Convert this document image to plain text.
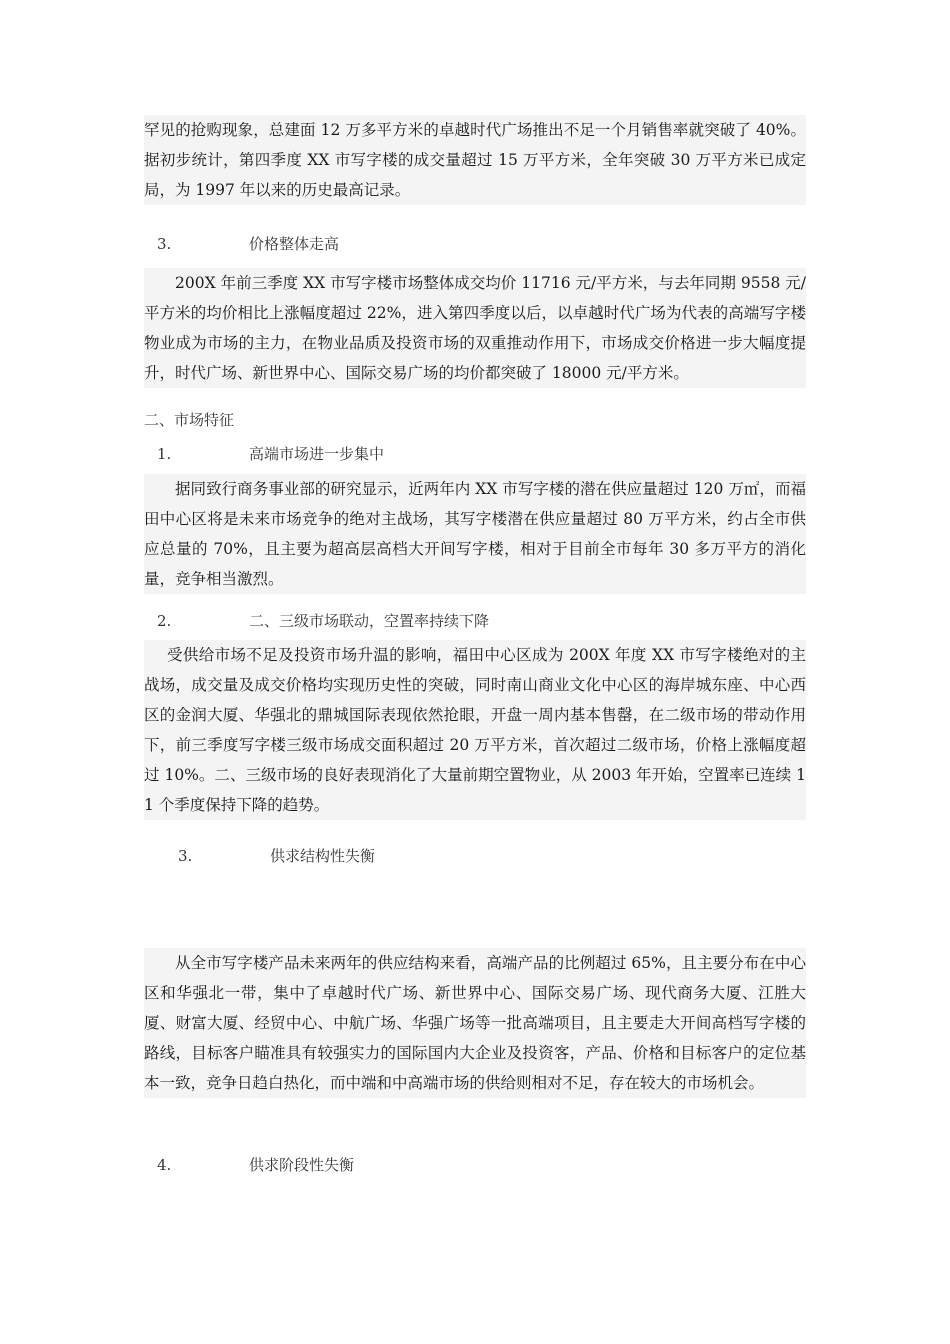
罕见的抢购现象，总建面 12 万多平方米的卓越时代广场推出不足一个月销售率就突破了 40%。据初步统计，第四季度 XX 市写字楼的成交量超过 15 万平方米，全年突破 30 万平方米已成定局，为 1997 年以来的历史最高记录。

3.	价格整体走高

200X 年前三季度 XX 市写字楼市场整体成交均价 11716 元/平方米，与去年同期 9558 元/平方米的均价相比上涨幅度超过 22%，进入第四季度以后，以卓越时代广场为代表的高端写字楼物业成为市场的主力，在物业品质及投资市场的双重推动作用下，市场成交价格进一步大幅度提升，时代广场、新世界中心、国际交易广场的均价都突破了 18000 元/平方米。

二、市场特征
1.	高端市场进一步集中

据同致行商务事业部的研究显示，近两年内 XX 市写字楼的潜在供应量超过 120 万㎡，而福田中心区将是未来市场竞争的绝对主战场，其写字楼潜在供应量超过 80 万平方米，约占全市供应总量的 70%，且主要为超高层高档大开间写字楼，相对于目前全市每年 30 多万平方的消化量，竞争相当激烈。

2.	二、三级市场联动，空置率持续下降

受供给市场不足及投资市场升温的影响，福田中心区成为 200X 年度 XX 市写字楼绝对的主战场，成交量及成交价格均实现历史性的突破，同时南山商业文化中心区的海岸城东座、中心西区的金润大厦、华强北的鼎城国际表现依然抢眼，开盘一周内基本售罄，在二级市场的带动作用下，前三季度写字楼三级市场成交面积超过 20 万平方米，首次超过二级市场，价格上涨幅度超过 10%。二、三级市场的良好表现消化了大量前期空置物业，从 2003 年开始，空置率已连续 11 个季度保持下降的趋势。

3.	供求结构性失衡

从全市写字楼产品未来两年的供应结构来看，高端产品的比例超过 65%，且主要分布在中心区和华强北一带，集中了卓越时代广场、新世界中心、国际交易广场、现代商务大厦、江胜大厦、财富大厦、经贸中心、中航广场、华强广场等一批高端项目，且主要走大开间高档写字楼的路线，目标客户瞄准具有较强实力的国际国内大企业及投资客，产品、价格和目标客户的定位基本一致，竞争日趋白热化，而中端和中高端市场的供给则相对不足，存在较大的市场机会。

4.	供求阶段性失衡
